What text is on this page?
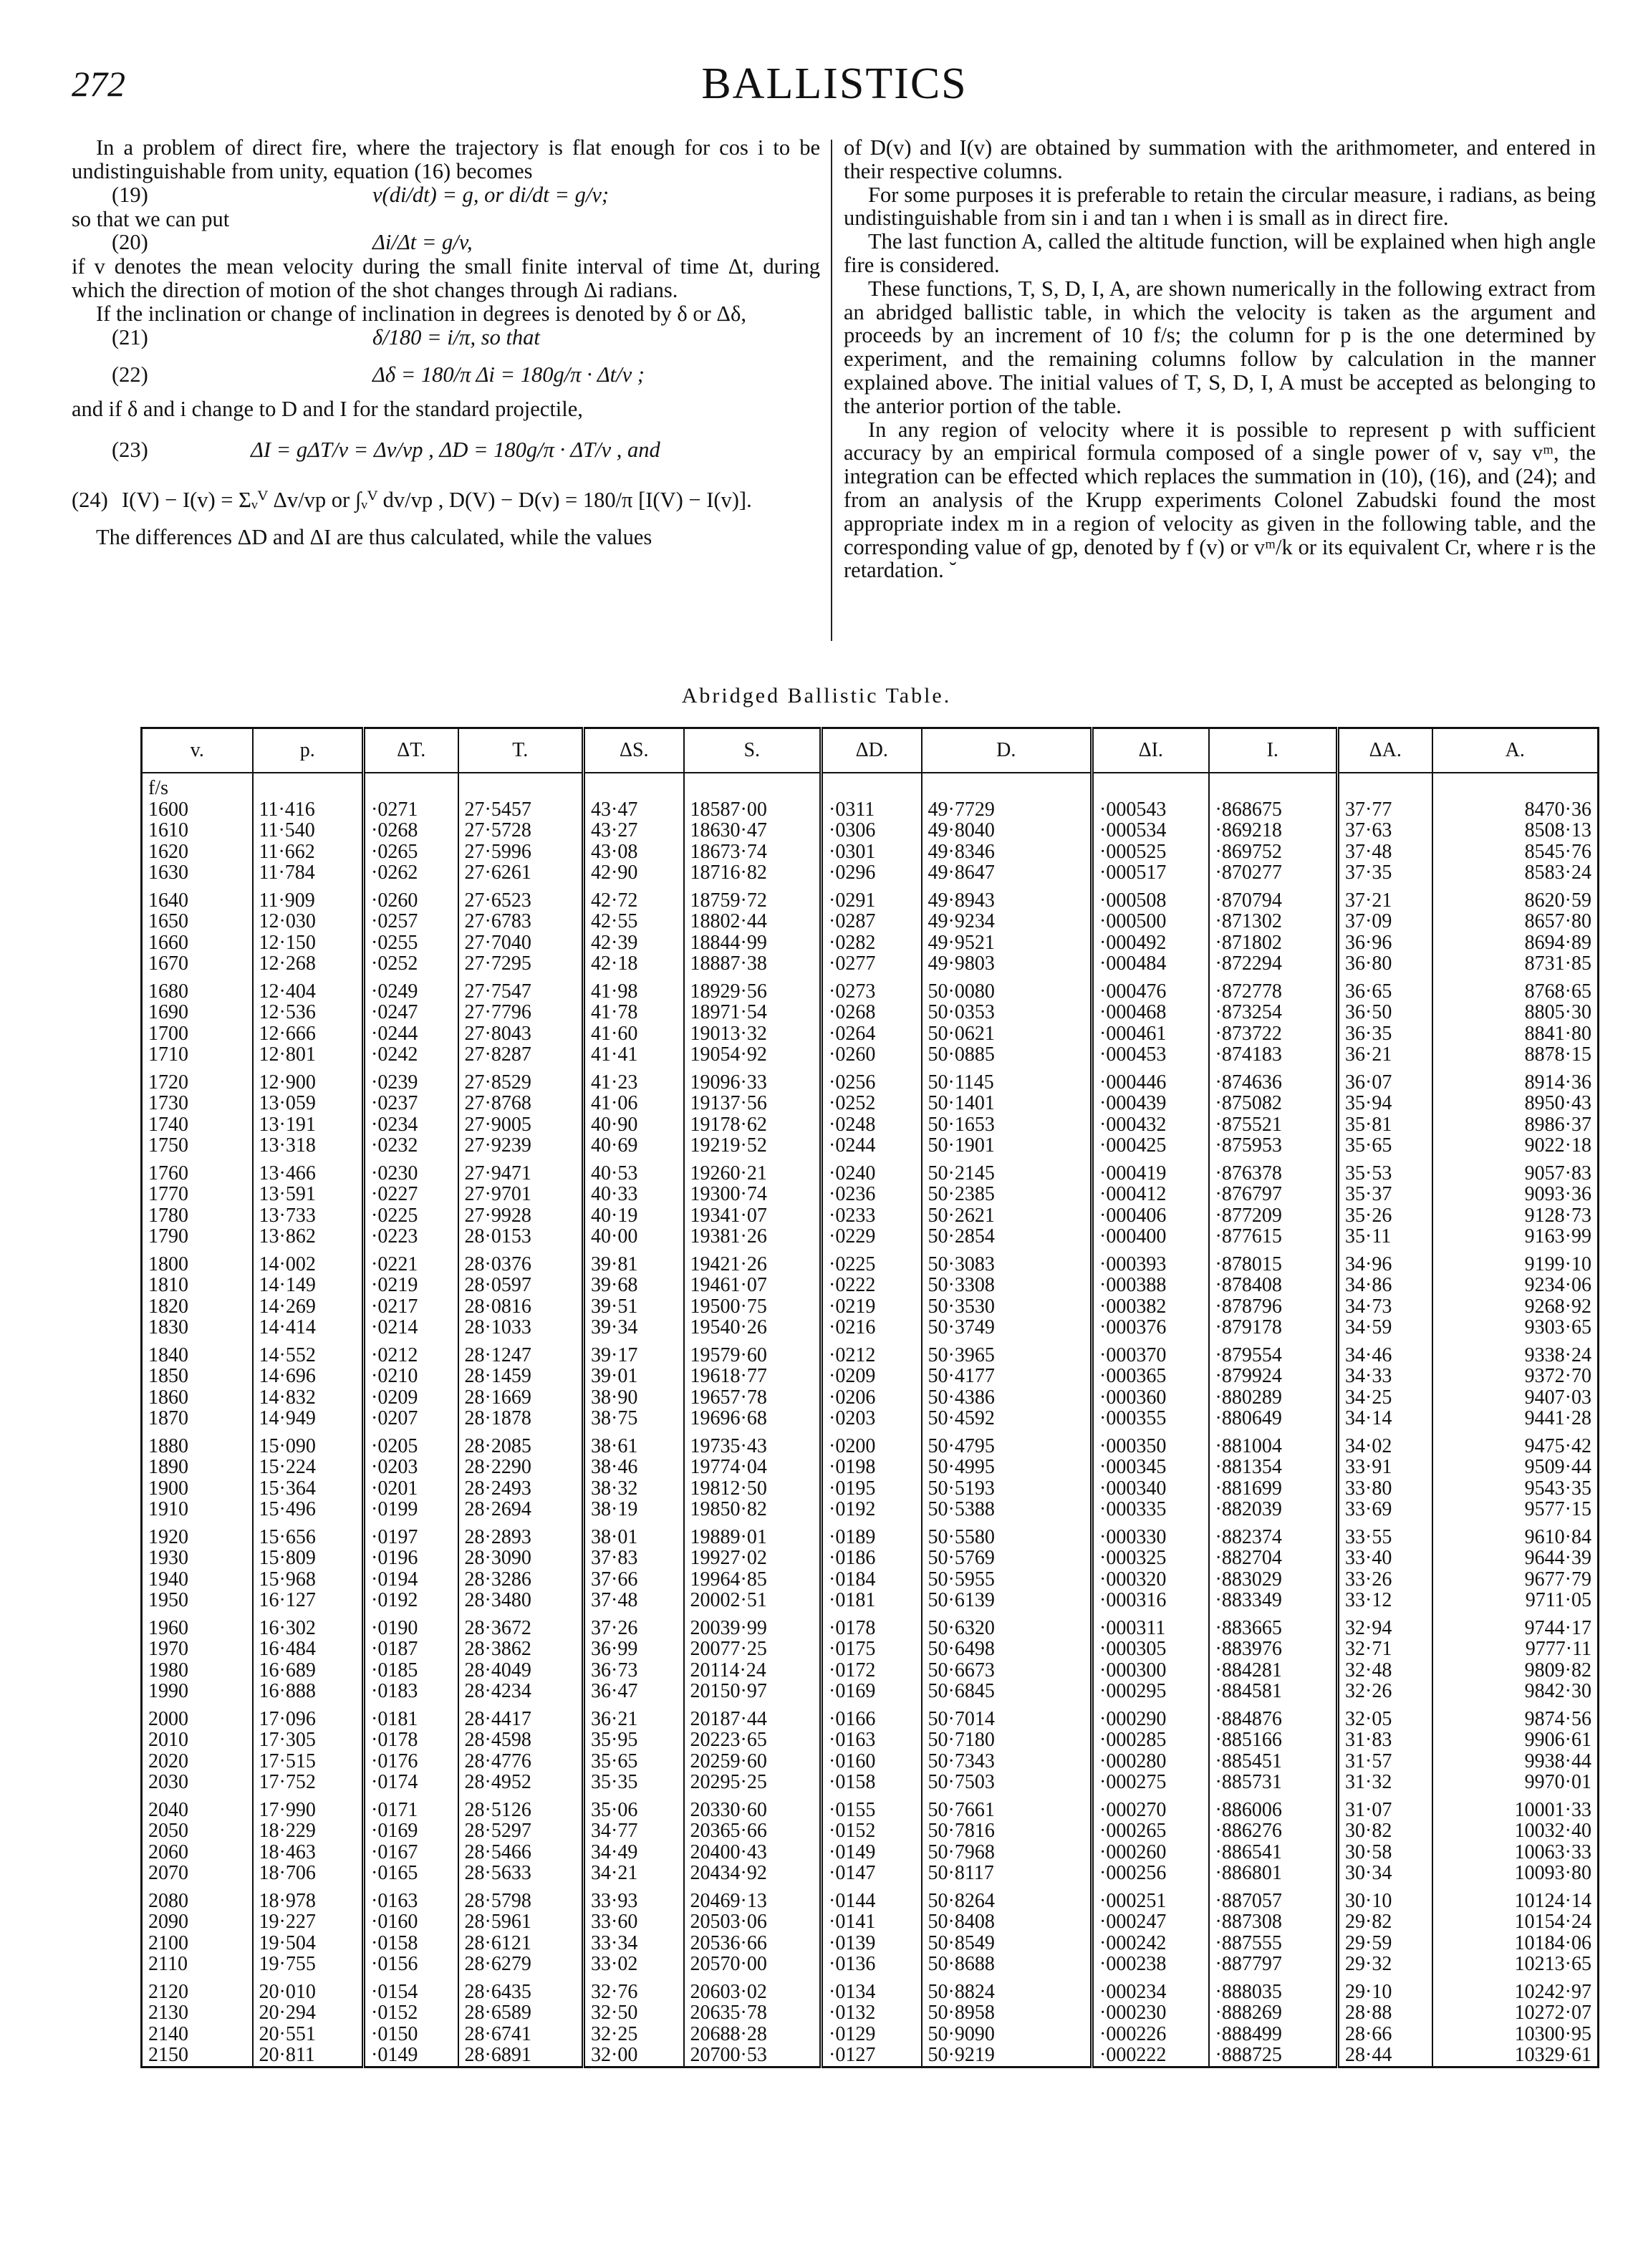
272	BALLISTICS

In a problem of direct fire, where the trajectory is flat enough for cos i to be undistinguishable from unity, equation (16) becomes

(19)	v(di/dt) = g, or di/dt = g/v;

so that we can put

(20)	Δi/Δt = g/v,

if v denotes the mean velocity during the small finite interval of time Δt, during which the direction of motion of the shot changes through Δi radians.

If the inclination or change of inclination in degrees is denoted by δ or Δδ,

(21)	δ/180 = i/π, so that
(22)	Δδ = 180/π Δi = 180g/π · Δt/v ;

and if δ and i change to D and I for the standard projectile,

(23)	ΔI = gΔT/v = Δv/vp , ΔD = 180g/π · ΔT/v , and
(24) I(V) − I(v) = Σᵥⱽ Δv/vp or ∫ᵥⱽ dv/vp , D(V) − D(v) = 180/π [I(V) − I(v)].

The differences ΔD and ΔI are thus calculated, while the values

of D(v) and I(v) are obtained by summation with the arithmometer, and entered in their respective columns.

For some purposes it is preferable to retain the circular measure, i radians, as being undistinguishable from sin i and tan ı when i is small as in direct fire.

The last function A, called the altitude function, will be explained when high angle fire is considered.

These functions, T, S, D, I, A, are shown numerically in the following extract from an abridged ballistic table, in which the velocity is taken as the argument and proceeds by an increment of 10 f/s; the column for p is the one determined by experiment, and the remaining columns follow by calculation in the manner explained above. The initial values of T, S, D, I, A must be accepted as belonging to the anterior portion of the table.

In any region of velocity where it is possible to represent p with sufficient accuracy by an empirical formula composed of a single power of v, say vᵐ, the integration can be effected which replaces the summation in (10), (16), and (24); and from an analysis of the Krupp experiments Colonel Zabudski found the most appropriate index m in a region of velocity as given in the following table, and the corresponding value of gp, denoted by f (v) or vᵐ/k or its equivalent Cr, where r is the retardation. ˘

Abridged Ballistic Table.
v.	p.	ΔT.	T.	ΔS.	S.	ΔD.	D.	ΔI.	I.	ΔA.	A.
f/s											
1600	11·416	·0271	27·5457	43·47	18587·00	·0311	49·7729	·000543	·868675	37·77	8470·36
1610	11·540	·0268	27·5728	43·27	18630·47	·0306	49·8040	·000534	·869218	37·63	8508·13
1620	11·662	·0265	27·5996	43·08	18673·74	·0301	49·8346	·000525	·869752	37·48	8545·76
1630	11·784	·0262	27·6261	42·90	18716·82	·0296	49·8647	·000517	·870277	37·35	8583·24
1640	11·909	·0260	27·6523	42·72	18759·72	·0291	49·8943	·000508	·870794	37·21	8620·59
1650	12·030	·0257	27·6783	42·55	18802·44	·0287	49·9234	·000500	·871302	37·09	8657·80
1660	12·150	·0255	27·7040	42·39	18844·99	·0282	49·9521	·000492	·871802	36·96	8694·89
1670	12·268	·0252	27·7295	42·18	18887·38	·0277	49·9803	·000484	·872294	36·80	8731·85
1680	12·404	·0249	27·7547	41·98	18929·56	·0273	50·0080	·000476	·872778	36·65	8768·65
1690	12·536	·0247	27·7796	41·78	18971·54	·0268	50·0353	·000468	·873254	36·50	8805·30
1700	12·666	·0244	27·8043	41·60	19013·32	·0264	50·0621	·000461	·873722	36·35	8841·80
1710	12·801	·0242	27·8287	41·41	19054·92	·0260	50·0885	·000453	·874183	36·21	8878·15
1720	12·900	·0239	27·8529	41·23	19096·33	·0256	50·1145	·000446	·874636	36·07	8914·36
1730	13·059	·0237	27·8768	41·06	19137·56	·0252	50·1401	·000439	·875082	35·94	8950·43
1740	13·191	·0234	27·9005	40·90	19178·62	·0248	50·1653	·000432	·875521	35·81	8986·37
1750	13·318	·0232	27·9239	40·69	19219·52	·0244	50·1901	·000425	·875953	35·65	9022·18
1760	13·466	·0230	27·9471	40·53	19260·21	·0240	50·2145	·000419	·876378	35·53	9057·83
1770	13·591	·0227	27·9701	40·33	19300·74	·0236	50·2385	·000412	·876797	35·37	9093·36
1780	13·733	·0225	27·9928	40·19	19341·07	·0233	50·2621	·000406	·877209	35·26	9128·73
1790	13·862	·0223	28·0153	40·00	19381·26	·0229	50·2854	·000400	·877615	35·11	9163·99
1800	14·002	·0221	28·0376	39·81	19421·26	·0225	50·3083	·000393	·878015	34·96	9199·10
1810	14·149	·0219	28·0597	39·68	19461·07	·0222	50·3308	·000388	·878408	34·86	9234·06
1820	14·269	·0217	28·0816	39·51	19500·75	·0219	50·3530	·000382	·878796	34·73	9268·92
1830	14·414	·0214	28·1033	39·34	19540·26	·0216	50·3749	·000376	·879178	34·59	9303·65
1840	14·552	·0212	28·1247	39·17	19579·60	·0212	50·3965	·000370	·879554	34·46	9338·24
1850	14·696	·0210	28·1459	39·01	19618·77	·0209	50·4177	·000365	·879924	34·33	9372·70
1860	14·832	·0209	28·1669	38·90	19657·78	·0206	50·4386	·000360	·880289	34·25	9407·03
1870	14·949	·0207	28·1878	38·75	19696·68	·0203	50·4592	·000355	·880649	34·14	9441·28
1880	15·090	·0205	28·2085	38·61	19735·43	·0200	50·4795	·000350	·881004	34·02	9475·42
1890	15·224	·0203	28·2290	38·46	19774·04	·0198	50·4995	·000345	·881354	33·91	9509·44
1900	15·364	·0201	28·2493	38·32	19812·50	·0195	50·5193	·000340	·881699	33·80	9543·35
1910	15·496	·0199	28·2694	38·19	19850·82	·0192	50·5388	·000335	·882039	33·69	9577·15
1920	15·656	·0197	28·2893	38·01	19889·01	·0189	50·5580	·000330	·882374	33·55	9610·84
1930	15·809	·0196	28·3090	37·83	19927·02	·0186	50·5769	·000325	·882704	33·40	9644·39
1940	15·968	·0194	28·3286	37·66	19964·85	·0184	50·5955	·000320	·883029	33·26	9677·79
1950	16·127	·0192	28·3480	37·48	20002·51	·0181	50·6139	·000316	·883349	33·12	9711·05
1960	16·302	·0190	28·3672	37·26	20039·99	·0178	50·6320	·000311	·883665	32·94	9744·17
1970	16·484	·0187	28·3862	36·99	20077·25	·0175	50·6498	·000305	·883976	32·71	9777·11
1980	16·689	·0185	28·4049	36·73	20114·24	·0172	50·6673	·000300	·884281	32·48	9809·82
1990	16·888	·0183	28·4234	36·47	20150·97	·0169	50·6845	·000295	·884581	32·26	9842·30
2000	17·096	·0181	28·4417	36·21	20187·44	·0166	50·7014	·000290	·884876	32·05	9874·56
2010	17·305	·0178	28·4598	35·95	20223·65	·0163	50·7180	·000285	·885166	31·83	9906·61
2020	17·515	·0176	28·4776	35·65	20259·60	·0160	50·7343	·000280	·885451	31·57	9938·44
2030	17·752	·0174	28·4952	35·35	20295·25	·0158	50·7503	·000275	·885731	31·32	9970·01
2040	17·990	·0171	28·5126	35·06	20330·60	·0155	50·7661	·000270	·886006	31·07	10001·33
2050	18·229	·0169	28·5297	34·77	20365·66	·0152	50·7816	·000265	·886276	30·82	10032·40
2060	18·463	·0167	28·5466	34·49	20400·43	·0149	50·7968	·000260	·886541	30·58	10063·33
2070	18·706	·0165	28·5633	34·21	20434·92	·0147	50·8117	·000256	·886801	30·34	10093·80
2080	18·978	·0163	28·5798	33·93	20469·13	·0144	50·8264	·000251	·887057	30·10	10124·14
2090	19·227	·0160	28·5961	33·60	20503·06	·0141	50·8408	·000247	·887308	29·82	10154·24
2100	19·504	·0158	28·6121	33·34	20536·66	·0139	50·8549	·000242	·887555	29·59	10184·06
2110	19·755	·0156	28·6279	33·02	20570·00	·0136	50·8688	·000238	·887797	29·32	10213·65
2120	20·010	·0154	28·6435	32·76	20603·02	·0134	50·8824	·000234	·888035	29·10	10242·97
2130	20·294	·0152	28·6589	32·50	20635·78	·0132	50·8958	·000230	·888269	28·88	10272·07
2140	20·551	·0150	28·6741	32·25	20688·28	·0129	50·9090	·000226	·888499	28·66	10300·95
2150	20·811	·0149	28·6891	32·00	20700·53	·0127	50·9219	·000222	·888725	28·44	10329·61
